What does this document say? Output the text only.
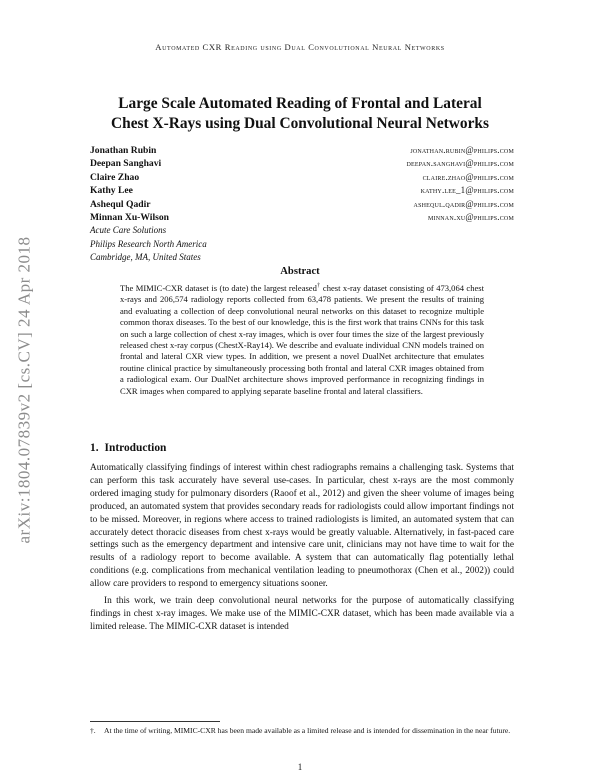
Automated CXR Reading using Dual Convolutional Neural Networks
arXiv:1804.07839v2 [cs.CV] 24 Apr 2018
Large Scale Automated Reading of Frontal and Lateral
Chest X-Rays using Dual Convolutional Neural Networks
Jonathan Rubin	jonathan.rubin@philips.com
Deepan Sanghavi	deepan.sanghavi@philips.com
Claire Zhao	claire.zhao@philips.com
Kathy Lee	kathy.lee_1@philips.com
Ashequl Qadir	ashequl.qadir@philips.com
Minnan Xu-Wilson	minnan.xu@philips.com
Acute Care Solutions
Philips Research North America
Cambridge, MA, United States
Abstract
The MIMIC-CXR dataset is (to date) the largest released† chest x-ray dataset consisting of 473,064 chest x-rays and 206,574 radiology reports collected from 63,478 patients. We present the results of training and evaluating a collection of deep convolutional neural networks on this dataset to recognize multiple common thorax diseases. To the best of our knowledge, this is the first work that trains CNNs for this task on such a large collection of chest x-ray images, which is over four times the size of the largest previously released chest x-ray corpus (ChestX-Ray14). We describe and evaluate individual CNN models trained on frontal and lateral CXR view types. In addition, we present a novel DualNet architecture that emulates routine clinical practice by simultaneously processing both frontal and lateral CXR images obtained from a radiological exam. Our DualNet architecture shows improved performance in recognizing findings in CXR images when compared to applying separate baseline frontal and lateral classifiers.
1. Introduction

Automatically classifying findings of interest within chest radiographs remains a challenging task. Systems that can perform this task accurately have several use-cases. In particular, chest x-rays are the most commonly ordered imaging study for pulmonary disorders (Raoof et al., 2012) and given the sheer volume of images being produced, an automated system that provides secondary reads for radiologists could allow important findings not to be missed. Moreover, in regions where access to trained radiologists is limited, an automated system that can accurately detect thoracic diseases from chest x-rays would be greatly valuable. Alternatively, in fast-paced care settings such as the emergency department and intensive care unit, clinicians may not have time to wait for the results of a radiology report to become available. A system that can automatically flag potentially lethal conditions (e.g. complications from mechanical ventilation leading to pneumothorax (Chen et al., 2002)) could allow care providers to respond to emergency situations sooner.

In this work, we train deep convolutional neural networks for the purpose of automatically classifying findings in chest x-ray images. We make use of the MIMIC-CXR dataset, which has been made available via a limited release. The MIMIC-CXR dataset is intended

†.	At the time of writing, MIMIC-CXR has been made available as a limited release and is intended for dissemination in the near future.
1
